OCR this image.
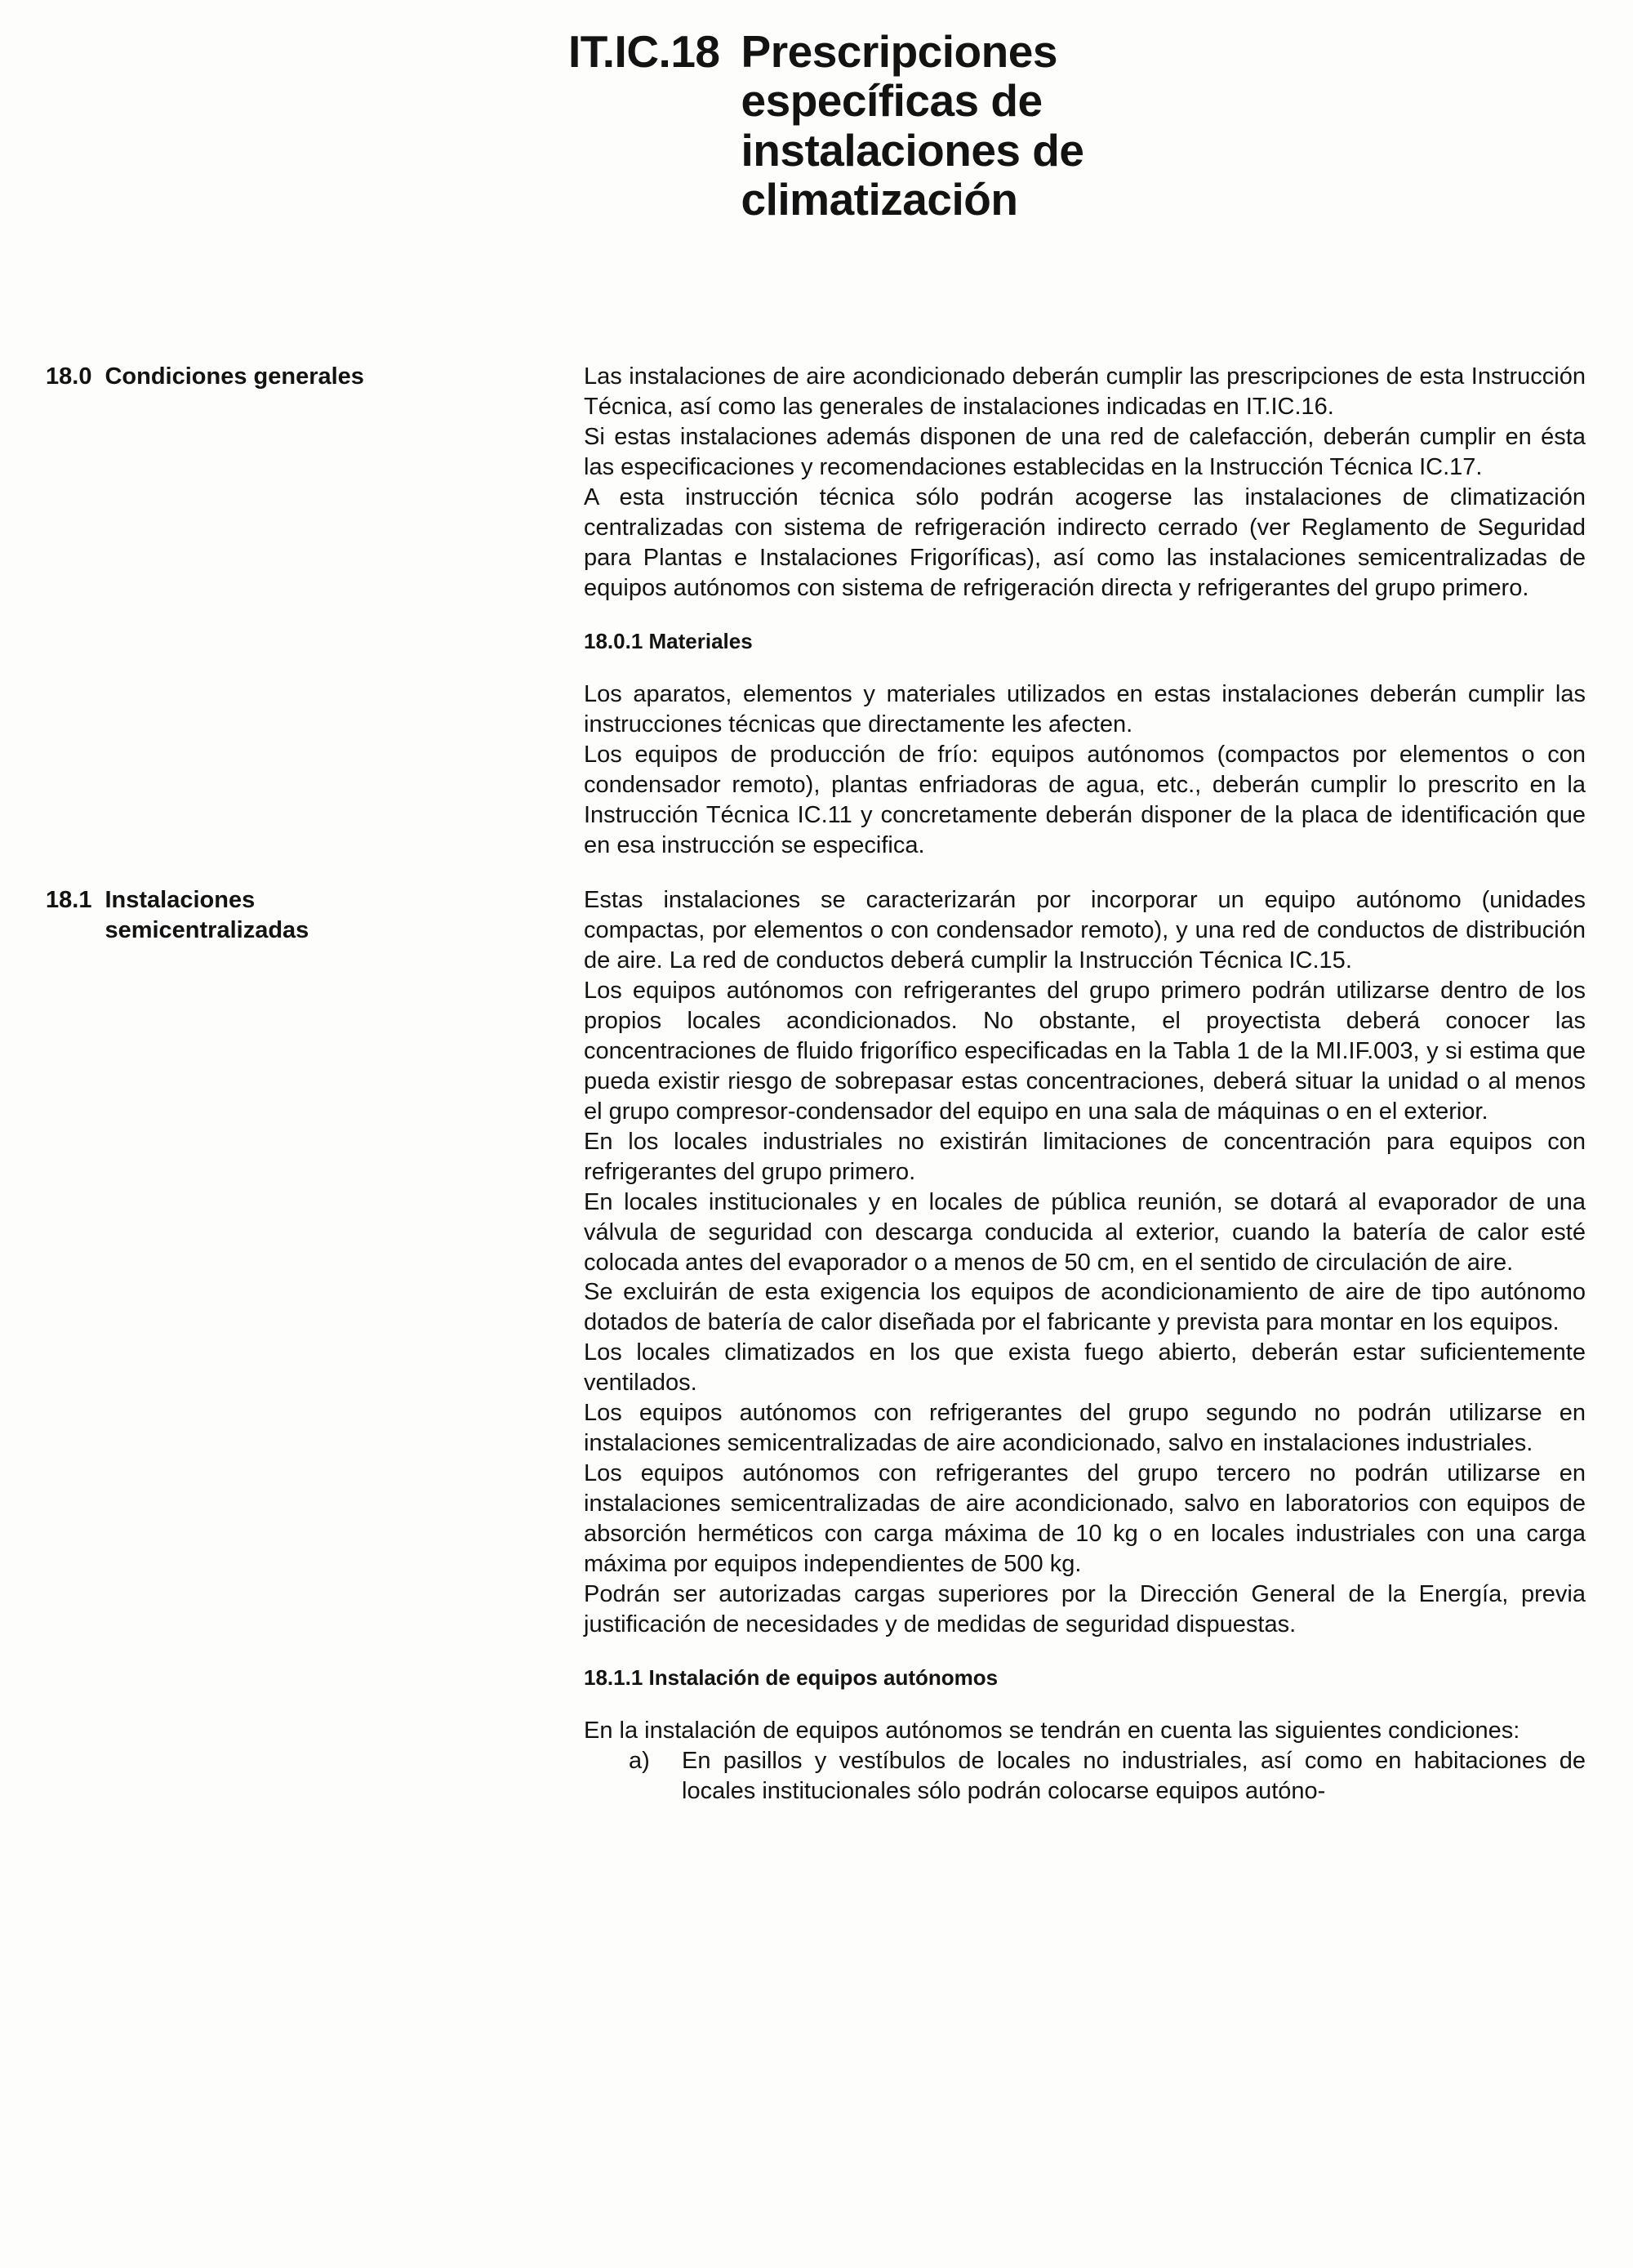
IT.IC.18 Prescripciones
específicas de
instalaciones de
climatización
18.0 Condiciones generales	Las instalaciones de aire acondicionado deberán cumplir las prescripciones de esta Instrucción Técnica, así como las generales de instalaciones indicadas en IT.IC.16.

Si estas instalaciones además disponen de una red de calefacción, deberán cumplir en ésta las especificaciones y recomendaciones establecidas en la Instrucción Técnica IC.17.

A esta instrucción técnica sólo podrán acogerse las instalaciones de climatización centralizadas con sistema de refrigeración indirecto cerrado (ver Reglamento de Seguridad para Plantas e Instalaciones Frigoríficas), así como las instalaciones semicentralizadas de equipos autónomos con sistema de refrigeración directa y refrigerantes del grupo primero.

18.0.1 Materiales

Los aparatos, elementos y materiales utilizados en estas instalaciones deberán cumplir las instrucciones técnicas que directamente les afecten.

Los equipos de producción de frío: equipos autónomos (compactos por elementos o con condensador remoto), plantas enfriadoras de agua, etc., deberán cumplir lo prescrito en la Instrucción Técnica IC.11 y concretamente deberán disponer de la placa de identificación que en esa instrucción se especifica.

18.1 Instalaciones semicentralizadas

Estas instalaciones se caracterizarán por incorporar un equipo autónomo (unidades compactas, por elementos o con condensador remoto), y una red de conductos de distribución de aire. La red de conductos deberá cumplir la Instrucción Técnica IC.15.

Los equipos autónomos con refrigerantes del grupo primero podrán utilizarse dentro de los propios locales acondicionados. No obstante, el proyectista deberá conocer las concentraciones de fluido frigorífico especificadas en la Tabla 1 de la MI.IF.003, y si estima que pueda existir riesgo de sobrepasar estas concentraciones, deberá situar la unidad o al menos el grupo compresor-condensador del equipo en una sala de máquinas o en el exterior.

En los locales industriales no existirán limitaciones de concentración para equipos con refrigerantes del grupo primero.

En locales institucionales y en locales de pública reunión, se dotará al evaporador de una válvula de seguridad con descarga conducida al exterior, cuando la batería de calor esté colocada antes del evaporador o a menos de 50 cm, en el sentido de circulación de aire.

Se excluirán de esta exigencia los equipos de acondicionamiento de aire de tipo autónomo dotados de batería de calor diseñada por el fabricante y prevista para montar en los equipos.

Los locales climatizados en los que exista fuego abierto, deberán estar suficientemente ventilados.

Los equipos autónomos con refrigerantes del grupo segundo no podrán utilizarse en instalaciones semicentralizadas de aire acondicionado, salvo en instalaciones industriales.

Los equipos autónomos con refrigerantes del grupo tercero no podrán utilizarse en instalaciones semicentralizadas de aire acondicionado, salvo en laboratorios con equipos de absorción herméticos con carga máxima de 10 kg o en locales industriales con una carga máxima por equipos independientes de 500 kg.

Podrán ser autorizadas cargas superiores por la Dirección General de la Energía, previa justificación de necesidades y de medidas de seguridad dispuestas.

18.1.1 Instalación de equipos autónomos

En la instalación de equipos autónomos se tendrán en cuenta las siguientes condiciones:

a)	En pasillos y vestíbulos de locales no industriales, así como en habitaciones de locales institucionales sólo podrán colocarse equipos autóno-
